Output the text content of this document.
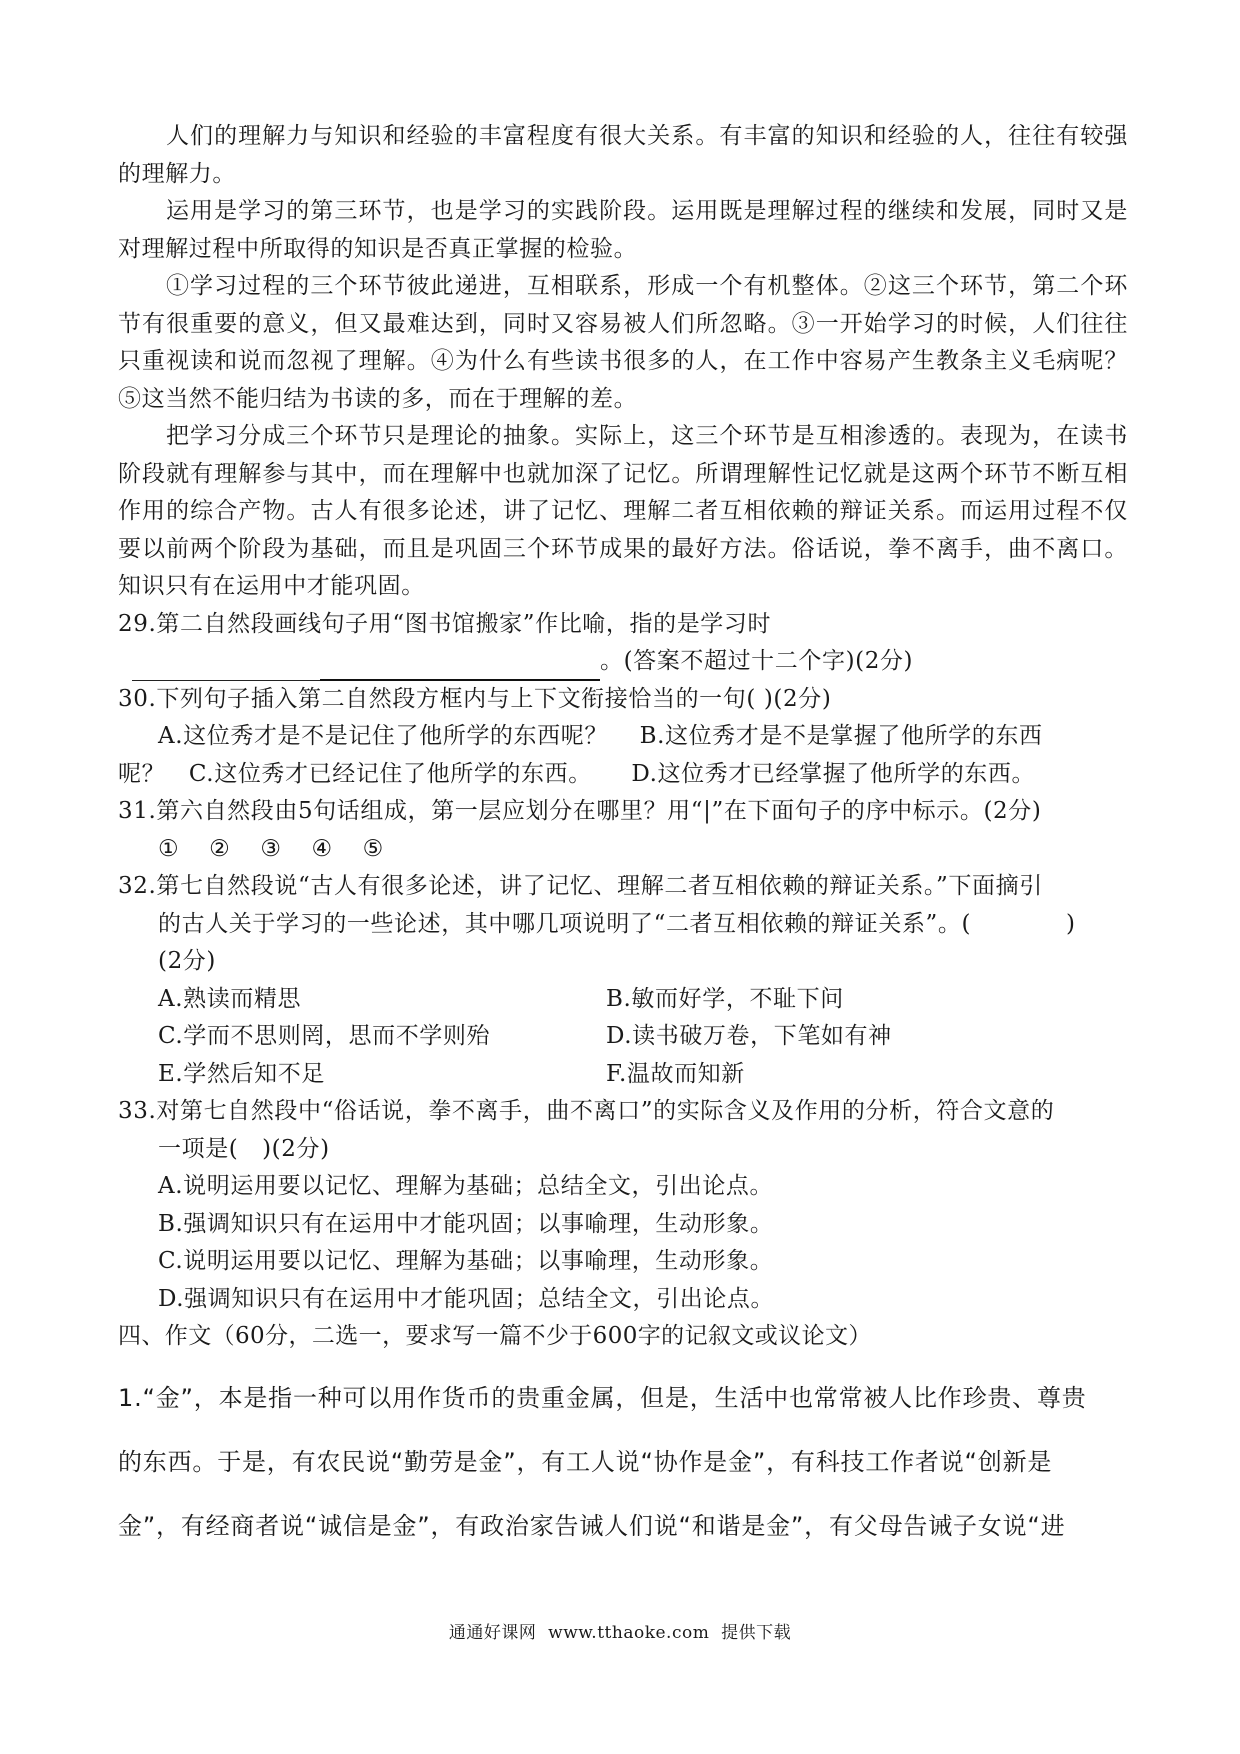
人们的理解力与知识和经验的丰富程度有很大关系。有丰富的知识和经验的人，往往有较强的理解力。

运用是学习的第三环节，也是学习的实践阶段。运用既是理解过程的继续和发展，同时又是对理解过程中所取得的知识是否真正掌握的检验。

①学习过程的三个环节彼此递进，互相联系，形成一个有机整体。②这三个环节，第二个环节有很重要的意义，但又最难达到，同时又容易被人们所忽略。③一开始学习的时候，人们往往只重视读和说而忽视了理解。④为什么有些读书很多的人，在工作中容易产生教条主义毛病呢？⑤这当然不能归结为书读的多，而在于理解的差。

把学习分成三个环节只是理论的抽象。实际上，这三个环节是互相渗透的。表现为，在读书阶段就有理解参与其中，而在理解中也就加深了记忆。所谓理解性记忆就是这两个环节不断互相作用的综合产物。古人有很多论述，讲了记忆、理解二者互相依赖的辩证关系。而运用过程不仅要以前两个阶段为基础，而且是巩固三个环节成果的最好方法。俗话说，拳不离手，曲不离口。知识只有在运用中才能巩固。

29.第二自然段画线句子用“图书馆搬家”作比喻，指的是学习时

。(答案不超过十二个字)(2分)

30.下列句子插入第二自然段方框内与上下文衔接恰当的一句( )(2分)

A.这位秀才是不是记住了他所学的东西呢？    B.这位秀才是不是掌握了他所学的东西

呢？   C.这位秀才已经记住了他所学的东西。     D.这位秀才已经掌握了他所学的东西。

31.第六自然段由5句话组成，第一层应划分在哪里？用“|”在下面句子的序中标示。(2分)

① ② ③ ④ ⑤

32.第七自然段说“古人有很多论述，讲了记忆、理解二者互相依赖的辩证关系。”下面摘引

的古人关于学习的一些论述，其中哪几项说明了“二者互相依赖的辩证关系”。(            )

(2分)

A.熟读而精思	B.敏而好学，不耻下问
C.学而不思则罔，思而不学则殆	D.读书破万卷，下笔如有神
E.学然后知不足	F.温故而知新

33.对第七自然段中“俗话说，拳不离手，曲不离口”的实际含义及作用的分析，符合文意的

一项是(   )(2分)

A.说明运用要以记忆、理解为基础；总结全文，引出论点。
B.强调知识只有在运用中才能巩固；以事喻理，生动形象。
C.说明运用要以记忆、理解为基础；以事喻理，生动形象。
D.强调知识只有在运用中才能巩固；总结全文，引出论点。

四、作文（60分，二选一，要求写一篇不少于600字的记叙文或议论文）

1.“金”，本是指一种可以用作货币的贵重金属，但是，生活中也常常被人比作珍贵、尊贵

的东西。于是，有农民说“勤劳是金”，有工人说“协作是金”，有科技工作者说“创新是

金”，有经商者说“诚信是金”，有政治家告诫人们说“和谐是金”，有父母告诫子女说“进

通通好课网  www.tthaoke.com  提供下载
